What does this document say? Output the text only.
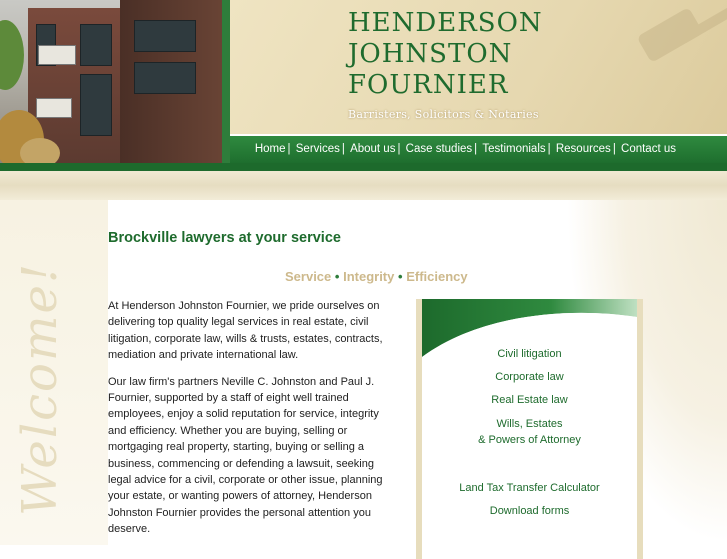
HENDERSON
JOHNSTON
FOURNIER
Barristers, Solicitors & Notaries
Home | Services | About us | Case studies | Testimonials | Resources | Contact us
Welcome!
Brockville lawyers at your service
Service • Integrity • Efficiency

At Henderson Johnston Fournier, we pride ourselves on delivering top quality legal services in real estate, civil litigation, corporate law, wills & trusts, estates, contracts, mediation and private international law.

Our law firm's partners Neville C. Johnston and Paul J. Fournier, supported by a staff of eight well trained employees, enjoy a solid reputation for service, integrity and efficiency. Whether you are buying, selling or mortgaging real property, starting, buying or selling a business, commencing or defending a lawsuit, seeking legal advice for a civil, corporate or other issue, planning your estate, or wanting powers of attorney, Henderson Johnston Fournier provides the personal attention you deserve.

Civil litigation
Corporate law
Real Estate law
Wills, Estates
& Powers of Attorney
Land Tax Transfer Calculator
Download forms
